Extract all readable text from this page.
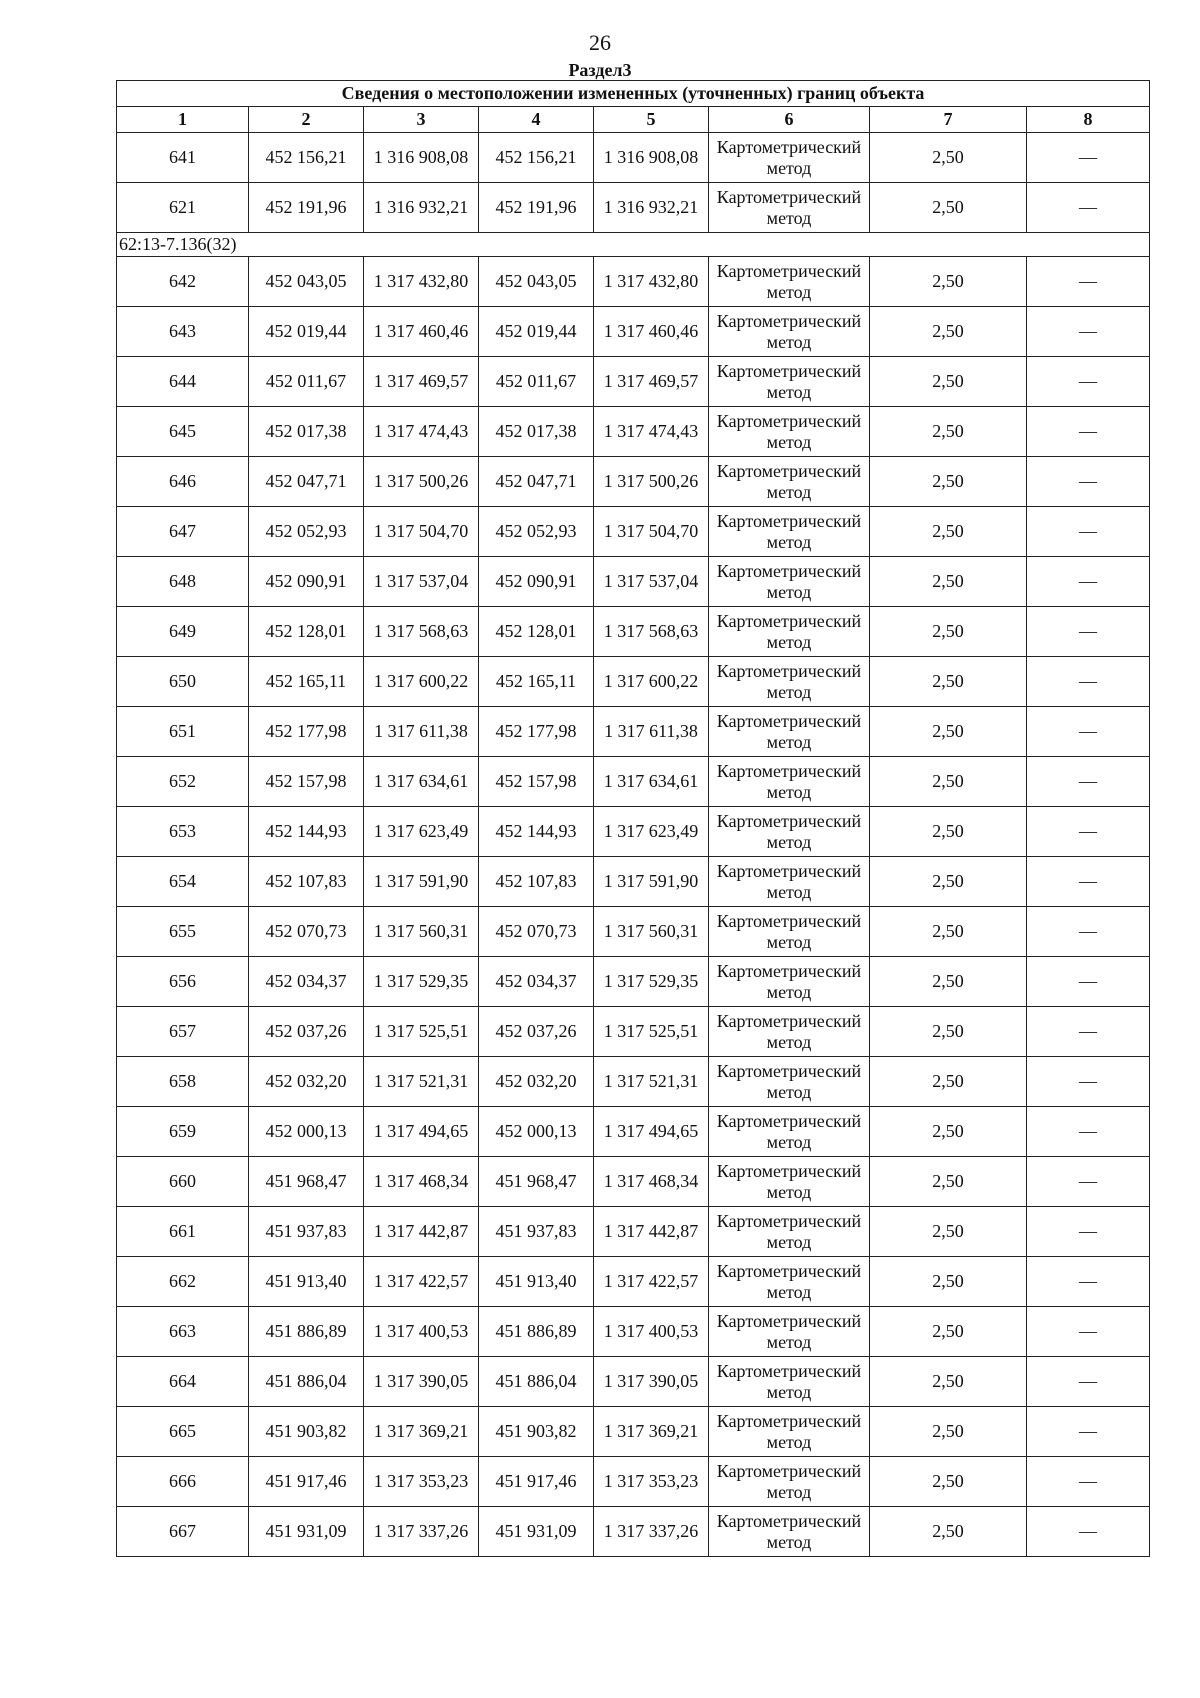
26
Раздел3
Сведения о местоположении измененных (уточненных) границ объекта							
1	2	3	4	5	6	7	8
641	452 156,21	1 316 908,08	452 156,21	1 316 908,08	Картометрический метод	2,50	—
621	452 191,96	1 316 932,21	452 191,96	1 316 932,21	Картометрический метод	2,50	—
62:13-7.136(32)							
642	452 043,05	1 317 432,80	452 043,05	1 317 432,80	Картометрический метод	2,50	—
643	452 019,44	1 317 460,46	452 019,44	1 317 460,46	Картометрический метод	2,50	—
644	452 011,67	1 317 469,57	452 011,67	1 317 469,57	Картометрический метод	2,50	—
645	452 017,38	1 317 474,43	452 017,38	1 317 474,43	Картометрический метод	2,50	—
646	452 047,71	1 317 500,26	452 047,71	1 317 500,26	Картометрический метод	2,50	—
647	452 052,93	1 317 504,70	452 052,93	1 317 504,70	Картометрический метод	2,50	—
648	452 090,91	1 317 537,04	452 090,91	1 317 537,04	Картометрический метод	2,50	—
649	452 128,01	1 317 568,63	452 128,01	1 317 568,63	Картометрический метод	2,50	—
650	452 165,11	1 317 600,22	452 165,11	1 317 600,22	Картометрический метод	2,50	—
651	452 177,98	1 317 611,38	452 177,98	1 317 611,38	Картометрический метод	2,50	—
652	452 157,98	1 317 634,61	452 157,98	1 317 634,61	Картометрический метод	2,50	—
653	452 144,93	1 317 623,49	452 144,93	1 317 623,49	Картометрический метод	2,50	—
654	452 107,83	1 317 591,90	452 107,83	1 317 591,90	Картометрический метод	2,50	—
655	452 070,73	1 317 560,31	452 070,73	1 317 560,31	Картометрический метод	2,50	—
656	452 034,37	1 317 529,35	452 034,37	1 317 529,35	Картометрический метод	2,50	—
657	452 037,26	1 317 525,51	452 037,26	1 317 525,51	Картометрический метод	2,50	—
658	452 032,20	1 317 521,31	452 032,20	1 317 521,31	Картометрический метод	2,50	—
659	452 000,13	1 317 494,65	452 000,13	1 317 494,65	Картометрический метод	2,50	—
660	451 968,47	1 317 468,34	451 968,47	1 317 468,34	Картометрический метод	2,50	—
661	451 937,83	1 317 442,87	451 937,83	1 317 442,87	Картометрический метод	2,50	—
662	451 913,40	1 317 422,57	451 913,40	1 317 422,57	Картометрический метод	2,50	—
663	451 886,89	1 317 400,53	451 886,89	1 317 400,53	Картометрический метод	2,50	—
664	451 886,04	1 317 390,05	451 886,04	1 317 390,05	Картометрический метод	2,50	—
665	451 903,82	1 317 369,21	451 903,82	1 317 369,21	Картометрический метод	2,50	—
666	451 917,46	1 317 353,23	451 917,46	1 317 353,23	Картометрический метод	2,50	—
667	451 931,09	1 317 337,26	451 931,09	1 317 337,26	Картометрический метод	2,50	—
